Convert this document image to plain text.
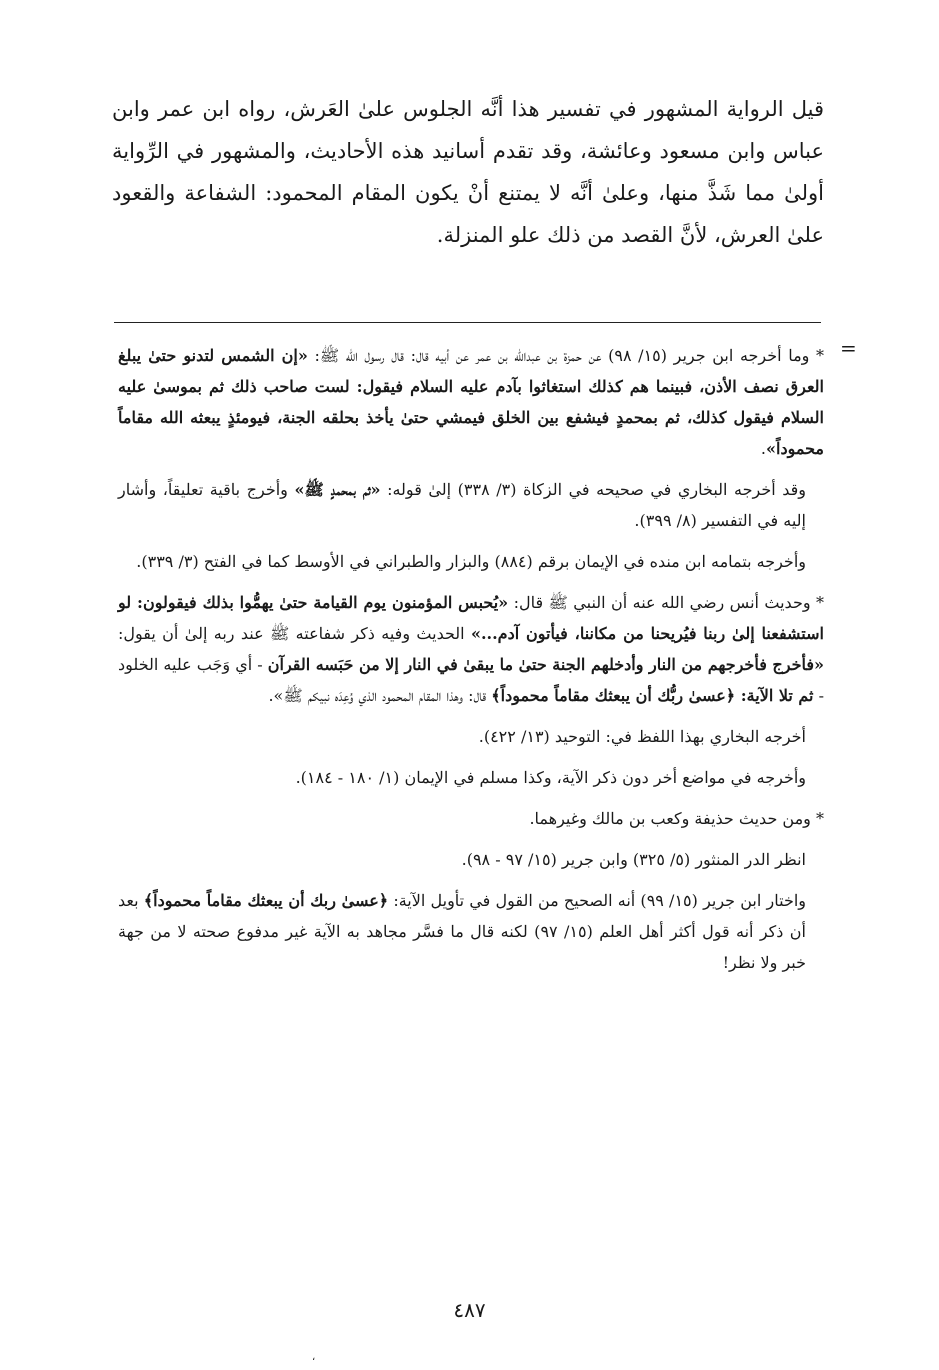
قيل الرواية المشهور في تفسير هذا أنَّه الجلوس علىٰ العَرش، رواه ابن عمر وابن عباس وابن مسعود وعائشة، وقد تقدم أسانيد هذه الأحاديث، والمشهور في الرِّواية أولىٰ مما شَذَّ منها، وعلىٰ أنَّه لا يمتنع أنْ يكون المقام المحمود: الشفاعة والقعود علىٰ العرش، لأنَّ القصد من ذلك علو المنزلة.

=

* وما أخرجه ابن جرير (١٥/ ٩٨) عن حمزة بن عبدالله بن عمر عن أبيه قال: قال رسول الله ﷺ: «إن الشمس لتدنو حتىٰ يبلغ العرق نصف الأذن، فبينما هم كذلك استغاثوا بآدم عليه السلام فيقول: لست صاحب ذلك ثم بموسىٰ عليه السلام فيقول كذلك، ثم بمحمدٍ فيشفع بين الخلق فيمشي حتىٰ يأخذ بحلقه الجنة، فيومئذٍ يبعثه الله مقاماً محموداً».

وقد أخرجه البخاري في صحيحه في الزكاة (٣/ ٣٣٨) إلىٰ قوله: «ثم بمحمدٍ ﷺ» وأخرج باقية تعليقاً، وأشار إليه في التفسير (٨/ ٣٩٩).

وأخرجه بتمامه ابن منده في الإيمان برقم (٨٨٤) والبزار والطبراني في الأوسط كما في الفتح (٣/ ٣٣٩).

* وحديث أنس رضي الله عنه أن النبي ﷺ قال: «يُحبس المؤمنون يوم القيامة حتىٰ يهمُّوا بذلك فيقولون: لو استشفعنا إلىٰ ربنا فيُريحنا من مكاننا، فيأتون آدم...» الحديث وفيه ذكر شفاعته ﷺ عند ربه إلىٰ أن يقول: «فأخرج فأخرجهم من النار وأدخلهم الجنة حتىٰ ما يبقىٰ في النار إلا من حَبَسه القرآن - أي وَجَب عليه الخلود - ثم تلا الآية: ﴿عسىٰ ربُّك أن يبعثك مقاماً محموداً﴾ قال: وهذا المقام المحمود الذي وُعِدَه نبيكم ﷺ».

أخرجه البخاري بهذا اللفظ في: التوحيد (١٣/ ٤٢٢).

وأخرجه في مواضع أخر دون ذكر الآية، وكذا مسلم في الإيمان (١/ ١٨٠ - ١٨٤).

* ومن حديث حذيفة وكعب بن مالك وغيرهما.

انظر الدر المنثور (٥/ ٣٢٥) وابن جرير (١٥/ ٩٧ - ٩٨).

واختار ابن جرير (١٥/ ٩٩) أنه الصحيح من القول في تأويل الآية: ﴿عسىٰ ربك أن يبعثك مقاماً محموداً﴾ بعد أن ذكر أنه قول أكثر أهل العلم (١٥/ ٩٧) لكنه قال ما فسَّر مجاهد به الآية غير مدفوع صحته لا من جهة خبر ولا نظر!

٤٨٧
،
